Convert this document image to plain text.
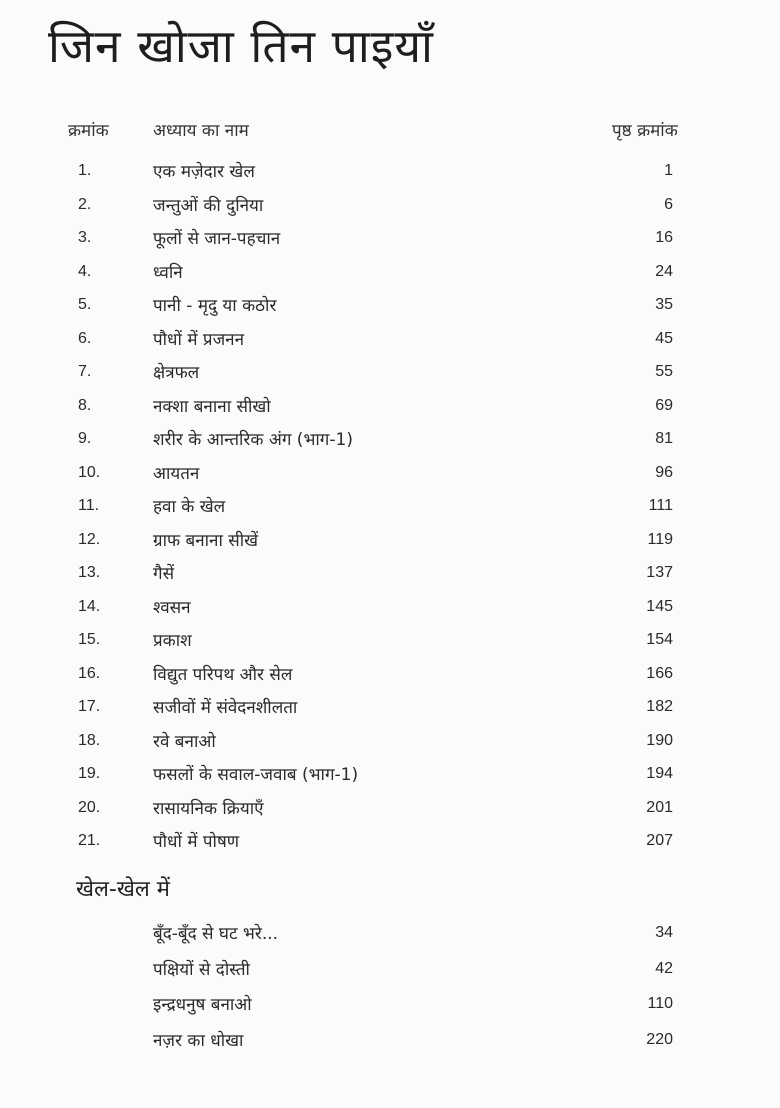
जिन खोजा तिन पाइयाँ
क्रमांक	अध्याय का नाम	पृष्ठ क्रमांक
1.	एक मज़ेदार खेल	1
2.	जन्तुओं की दुनिया	6
3.	फूलों से जान-पहचान	16
4.	ध्वनि	24
5.	पानी - मृदु या कठोर	35
6.	पौधों में प्रजनन	45
7.	क्षेत्रफल	55
8.	नक्शा बनाना सीखो	69
9.	शरीर के आन्तरिक अंग (भाग-1)	81
10.	आयतन	96
11.	हवा के खेल	111
12.	ग्राफ बनाना सीखें	119
13.	गैसें	137
14.	श्वसन	145
15.	प्रकाश	154
16.	विद्युत परिपथ और सेल	166
17.	सजीवों में संवेदनशीलता	182
18.	रवे बनाओ	190
19.	फसलों के सवाल-जवाब (भाग-1)	194
20.	रासायनिक क्रियाएँ	201
21.	पौधों में पोषण	207
खेल-खेल में
बूँद-बूँद से घट भरे...	34
पक्षियों से दोस्ती	42
इन्द्रधनुष बनाओ	110
नज़र का धोखा	220
